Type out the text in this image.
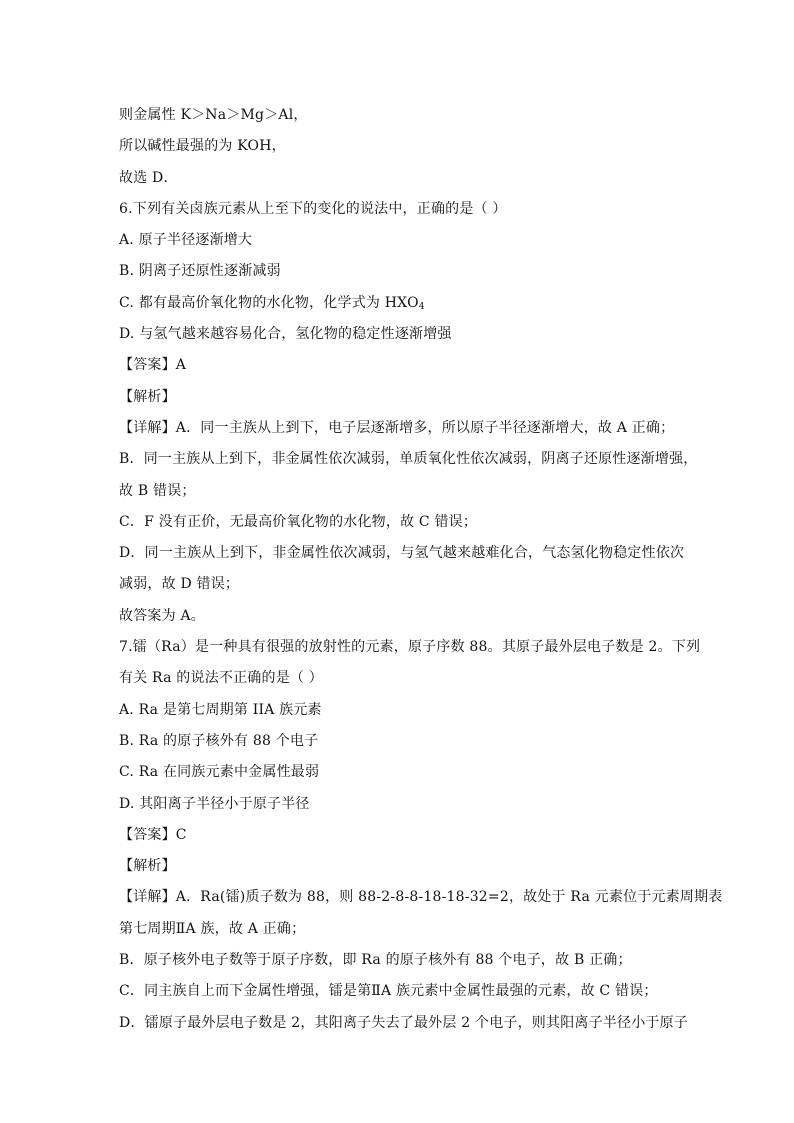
则金属性 K＞Na＞Mg＞Al，
所以碱性最强的为 KOH，
故选 D．
6.下列有关卤族元素从上至下的变化的说法中，正确的是（ ）
A. 原子半径逐渐增大
B. 阴离子还原性逐渐减弱
C. 都有最高价氧化物的水化物，化学式为 $HXO_4$
D. 与氢气越来越容易化合，氢化物的稳定性逐渐增强
【答案】A
【解析】
【详解】A．同一主族从上到下，电子层逐渐增多，所以原子半径逐渐增大，故 A 正确；
B．同一主族从上到下，非金属性依次减弱，单质氧化性依次减弱，阴离子还原性逐渐增强，
故 B 错误；
C．F 没有正价，无最高价氧化物的水化物，故 C 错误；
D．同一主族从上到下，非金属性依次减弱，与氢气越来越难化合，气态氢化物稳定性依次
减弱，故 D 错误；
故答案为 A。
7.镭（Ra）是一种具有很强的放射性的元素，原子序数 88。其原子最外层电子数是 2。下列
有关 Ra 的说法不正确的是（ ）
A. Ra 是第七周期第 IIA 族元素
B. Ra 的原子核外有 88 个电子
C. Ra 在同族元素中金属性最弱
D. 其阳离子半径小于原子半径
【答案】C
【解析】
【详解】A．Ra(镭)质子数为 88，则 88-2-8-8-18-18-32=2，故处于 Ra 元素位于元素周期表
第七周期ⅡA 族，故 A 正确；
B．原子核外电子数等于原子序数，即 Ra 的原子核外有 88 个电子，故 B 正确；
C．同主族自上而下金属性增强，镭是第ⅡA 族元素中金属性最强的元素，故 C 错误；
D．镭原子最外层电子数是 2，其阳离子失去了最外层 2 个电子，则其阳离子半径小于原子
